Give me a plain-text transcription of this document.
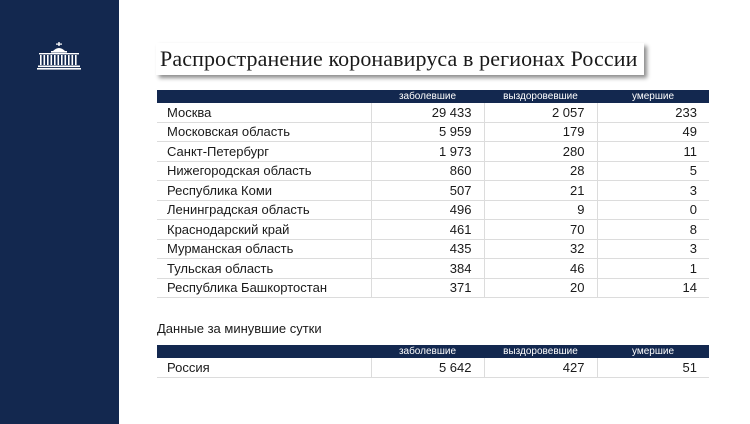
Распространение коронавируса в регионах России
	заболевшие	выздоровевшие	умершие
Москва	29 433	2 057	233
Московская область	5 959	179	49
Санкт-Петербург	1 973	280	11
Нижегородская область	860	28	5
Республика Коми	507	21	3
Ленинградская область	496	9	0
Краснодарский край	461	70	8
Мурманская область	435	32	3
Тульская область	384	46	1
Республика Башкортостан	371	20	14
Данные за минувшие сутки
	заболевшие	выздоровевшие	умершие
Россия	5 642	427	51
